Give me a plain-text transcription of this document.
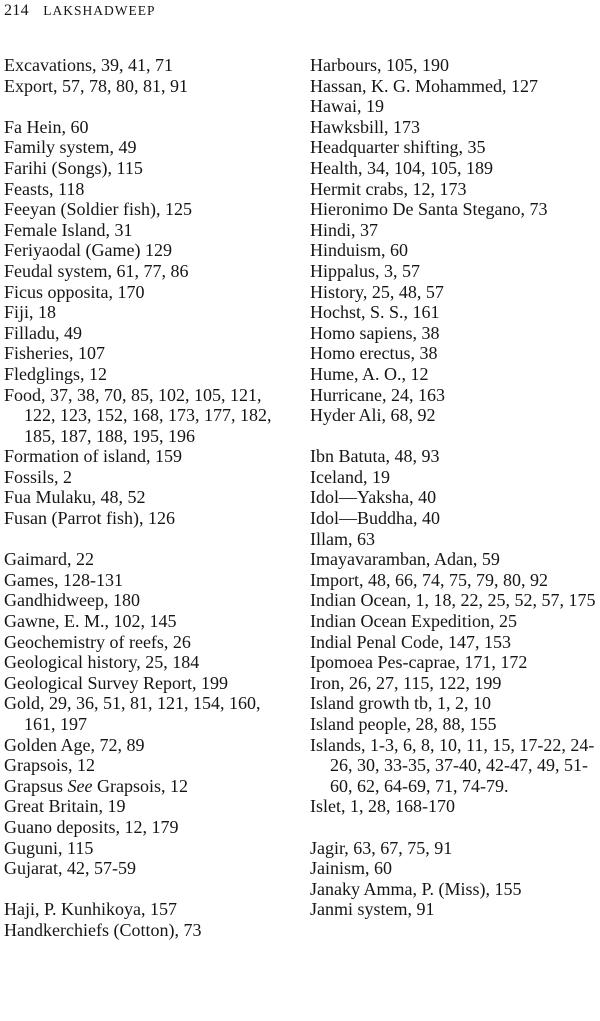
214 LAKSHADWEEP
Excavations, 39, 41, 71
Export, 57, 78, 80, 81, 91
Fa Hein, 60
Family system, 49
Farihi (Songs), 115
Feasts, 118
Feeyan (Soldier fish), 125
Female Island, 31
Feriyaodal (Game) 129
Feudal system, 61, 77, 86
Ficus opposita, 170
Fiji, 18
Filladu, 49
Fisheries, 107
Fledglings, 12
Food, 37, 38, 70, 85, 102, 105, 121, 122, 123, 152, 168, 173, 177, 182, 185, 187, 188, 195, 196
Formation of island, 159
Fossils, 2
Fua Mulaku, 48, 52
Fusan (Parrot fish), 126
Gaimard, 22
Games, 128-131
Gandhidweep, 180
Gawne, E. M., 102, 145
Geochemistry of reefs, 26
Geological history, 25, 184
Geological Survey Report, 199
Gold, 29, 36, 51, 81, 121, 154, 160, 161, 197
Golden Age, 72, 89
Grapsois, 12
Grapsus See Grapsois, 12
Great Britain, 19
Guano deposits, 12, 179
Guguni, 115
Gujarat, 42, 57-59
Haji, P. Kunhikoya, 157
Handkerchiefs (Cotton), 73
Harbours, 105, 190
Hassan, K. G. Mohammed, 127
Hawai, 19
Hawksbill, 173
Headquarter shifting, 35
Health, 34, 104, 105, 189
Hermit crabs, 12, 173
Hieronimo De Santa Stegano, 73
Hindi, 37
Hinduism, 60
Hippalus, 3, 57
History, 25, 48, 57
Hochst, S. S., 161
Homo sapiens, 38
Homo erectus, 38
Hume, A. O., 12
Hurricane, 24, 163
Hyder Ali, 68, 92
Ibn Batuta, 48, 93
Iceland, 19
Idol—Yaksha, 40
Idol—Buddha, 40
Illam, 63
Imayavaramban, Adan, 59
Import, 48, 66, 74, 75, 79, 80, 92
Indian Ocean, 1, 18, 22, 25, 52, 57, 175
Indian Ocean Expedition, 25
Indial Penal Code, 147, 153
Ipomoea Pes-caprae, 171, 172
Iron, 26, 27, 115, 122, 199
Island growth tb, 1, 2, 10
Island people, 28, 88, 155
Islands, 1-3, 6, 8, 10, 11, 15, 17-22, 24-26, 30, 33-35, 37-40, 42-47, 49, 51-60, 62, 64-69, 71, 74-79.
Islet, 1, 28, 168-170
Jagir, 63, 67, 75, 91
Jainism, 60
Janaky Amma, P. (Miss), 155
Janmi system, 91
